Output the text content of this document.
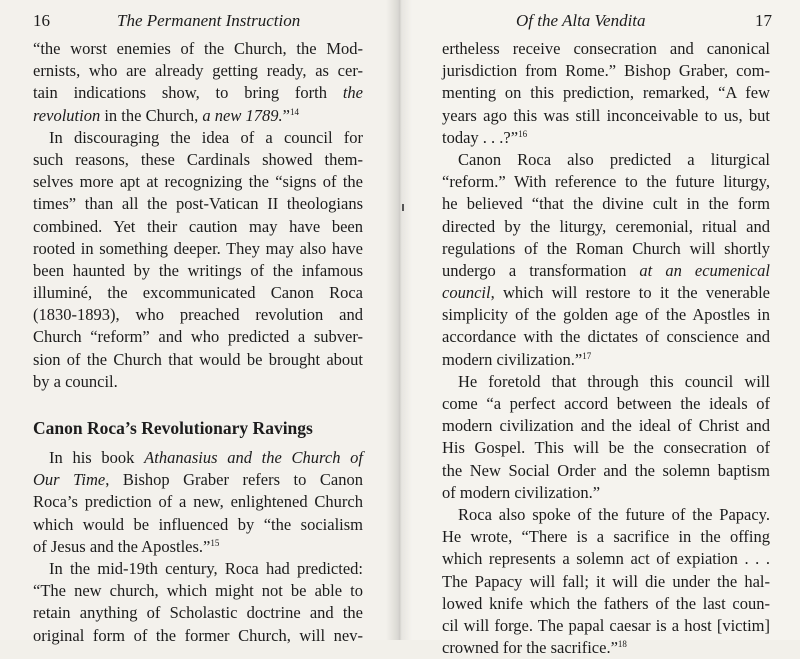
16	The Permanent Instruction
“the worst enemies of the Church, the Mod-
ernists, who are already getting ready, as cer-
tain indications show, to bring forth the
revolution in the Church, a new 1789.”$^{14}$
In discouraging the idea of a council for
such reasons, these Cardinals showed them-
selves more apt at recognizing the “signs of the
times” than all the post-Vatican II theologians
combined. Yet their caution may have been
rooted in something deeper. They may also have
been haunted by the writings of the infamous
illuminé, the excommunicated Canon Roca
(1830-1893), who preached revolution and
Church “reform” and who predicted a subver-
sion of the Church that would be brought about
by a council.
Canon Roca’s Revolutionary Ravings
In his book Athanasius and the Church of
Our Time, Bishop Graber refers to Canon
Roca’s prediction of a new, enlightened Church
which would be influenced by “the socialism
of Jesus and the Apostles.”$^{15}$
In the mid-19th century, Roca had predicted:
“The new church, which might not be able to
retain anything of Scholastic doctrine and the
original form of the former Church, will nev-
Of the Alta Vendita	17
ertheless receive consecration and canonical
jurisdiction from Rome.” Bishop Graber, com-
menting on this prediction, remarked, “A few
years ago this was still inconceivable to us, but
today . . .?”$^{16}$
Canon Roca also predicted a liturgical
“reform.” With reference to the future liturgy,
he believed “that the divine cult in the form
directed by the liturgy, ceremonial, ritual and
regulations of the Roman Church will shortly
undergo a transformation at an ecumenical
council, which will restore to it the venerable
simplicity of the golden age of the Apostles in
accordance with the dictates of conscience and
modern civilization.”$^{17}$
He foretold that through this council will
come “a perfect accord between the ideals of
modern civilization and the ideal of Christ and
His Gospel. This will be the consecration of
the New Social Order and the solemn baptism
of modern civilization.”
Roca also spoke of the future of the Papacy.
He wrote, “There is a sacrifice in the offing
which represents a solemn act of expiation . . .
The Papacy will fall; it will die under the hal-
lowed knife which the fathers of the last coun-
cil will forge. The papal caesar is a host [victim]
crowned for the sacrifice.”$^{18}$
